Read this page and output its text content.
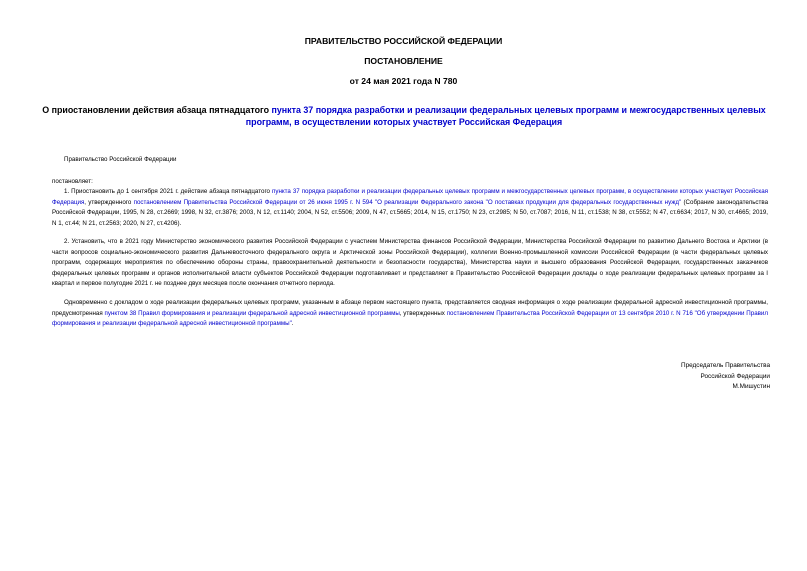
ПРАВИТЕЛЬСТВО РОССИЙСКОЙ ФЕДЕРАЦИИ
ПОСТАНОВЛЕНИЕ
от 24 мая 2021 года N 780
О приостановлении действия абзаца пятнадцатого пункта 37 порядка разработки и реализации федеральных целевых программ и межгосударственных целевых программ, в осуществлении которых участвует Российская Федерация
Правительство Российской Федерации
постановляет:
1. Приостановить до 1 сентября 2021 г. действие абзаца пятнадцатого пункта 37 порядка разработки и реализации федеральных целевых программ и межгосударственных целевых программ, в осуществлении которых участвует Российская Федерация, утвержденного постановлением Правительства Российской Федерации от 26 июня 1995 г. N 594 "О реализации Федерального закона "О поставках продукции для федеральных государственных нужд" (Собрание законодательства Российской Федерации, 1995, N 28, ст.2669; 1998, N 32, ст.3876; 2003, N 12, ст.1140; 2004, N 52, ст.5506; 2009, N 47, ст.5665; 2014, N 15, ст.1750; N 23, ст.2985; N 50, ст.7087; 2016, N 11, ст.1538; N 38, ст.5552; N 47, ст.6634; 2017, N 30, ст.4665; 2019, N 1, ст.44; N 21, ст.2563; 2020, N 27, ст.4206).
2. Установить, что в 2021 году Министерство экономического развития Российской Федерации с участием Министерства финансов Российской Федерации, Министерства Российской Федерации по развитию Дальнего Востока и Арктики (в части вопросов социально-экономического развития Дальневосточного федерального округа и Арктической зоны Российской Федерации), коллегии Военно-промышленной комиссии Российской Федерации (в части федеральных целевых программ, содержащих мероприятия по обеспечению обороны страны, правоохранительной деятельности и безопасности государства), Министерства науки и высшего образования Российской Федерации, государственных заказчиков федеральных целевых программ и органов исполнительной власти субъектов Российской Федерации подготавливает и представляет в Правительство Российской Федерации доклады о ходе реализации федеральных целевых программ за I квартал и первое полугодие 2021 г. не позднее двух месяцев после окончания отчетного периода.
Одновременно с докладом о ходе реализации федеральных целевых программ, указанным в абзаце первом настоящего пункта, представляется сводная информация о ходе реализации федеральной адресной инвестиционной программы, предусмотренная пунктом 38 Правил формирования и реализации федеральной адресной инвестиционной программы, утвержденных постановлением Правительства Российской Федерации от 13 сентября 2010 г. N 716 "Об утверждении Правил формирования и реализации федеральной адресной инвестиционной программы".
Председатель Правительства
Российской Федерации
М.Мишустин
